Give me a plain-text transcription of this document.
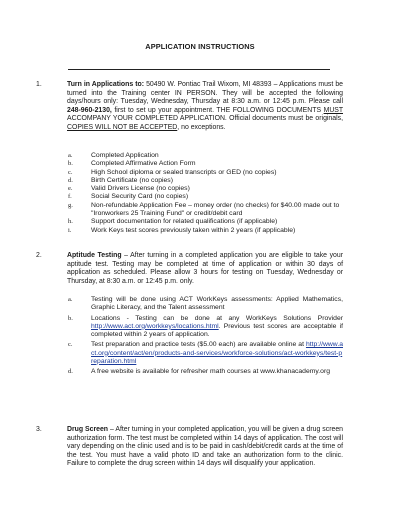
APPLICATION INSTRUCTIONS
1.	Turn in Applications to: 50490 W. Pontiac Trail Wixom, MI 48393 – Applications must be turned into the Training center IN PERSON. They will be accepted the following days/hours only: Tuesday, Wednesday, Thursday at 8:30 a.m. or 12:45 p.m. Please call 248-960-2130, first to set up your appointment. THE FOLLOWING DOCUMENTS MUST ACCOMPANY YOUR COMPLETED APPLICATION. Official documents must be originals, COPIES WILL NOT BE ACCEPTED, no exceptions.
a.	Completed Application
b.	Completed Affirmative Action Form
c.	High School diploma or sealed transcripts or GED (no copies)
d.	Birth Certificate (no copies)
e.	Valid Drivers License (no copies)
f.	Social Security Card (no copies)
g.	Non-refundable Application Fee – money order (no checks) for $40.00 made out to "Ironworkers 25 Training Fund" or credit/debit card
h.	Support documentation for related qualifications (if applicable)
i.	Work Keys test scores previously taken within 2 years (if applicable)
2.	Aptitude Testing – After turning in a completed application you are eligible to take your aptitude test. Testing may be completed at time of application or within 30 days of application as scheduled. Please allow 3 hours for testing on Tuesday, Wednesday or Thursday, at 8:30 a.m. or 12:45 p.m. only.
a.	Testing will be done using ACT WorkKeys assessments: Applied Mathematics, Graphic Literacy, and the Talent assessment
b.	Locations - Testing can be done at any WorkKeys Solutions Provider http://www.act.org/workkeys/locations.html. Previous test scores are acceptable if completed within 2 years of application.
c.	Test preparation and practice tests ($5.00 each) are available online at http://www.act.org/content/act/en/products-and-services/workforce-solutions/act-workkeys/test-preparation.html
d.	A free website is available for refresher math courses at www.khanacademy.org
3.	Drug Screen – After turning in your completed application, you will be given a drug screen authorization form. The test must be completed within 14 days of application. The cost will vary depending on the clinic used and is to be paid in cash/debit/credit cards at the time of the test. You must have a valid photo ID and take an authorization form to the clinic. Failure to complete the drug screen within 14 days will disqualify your application.
